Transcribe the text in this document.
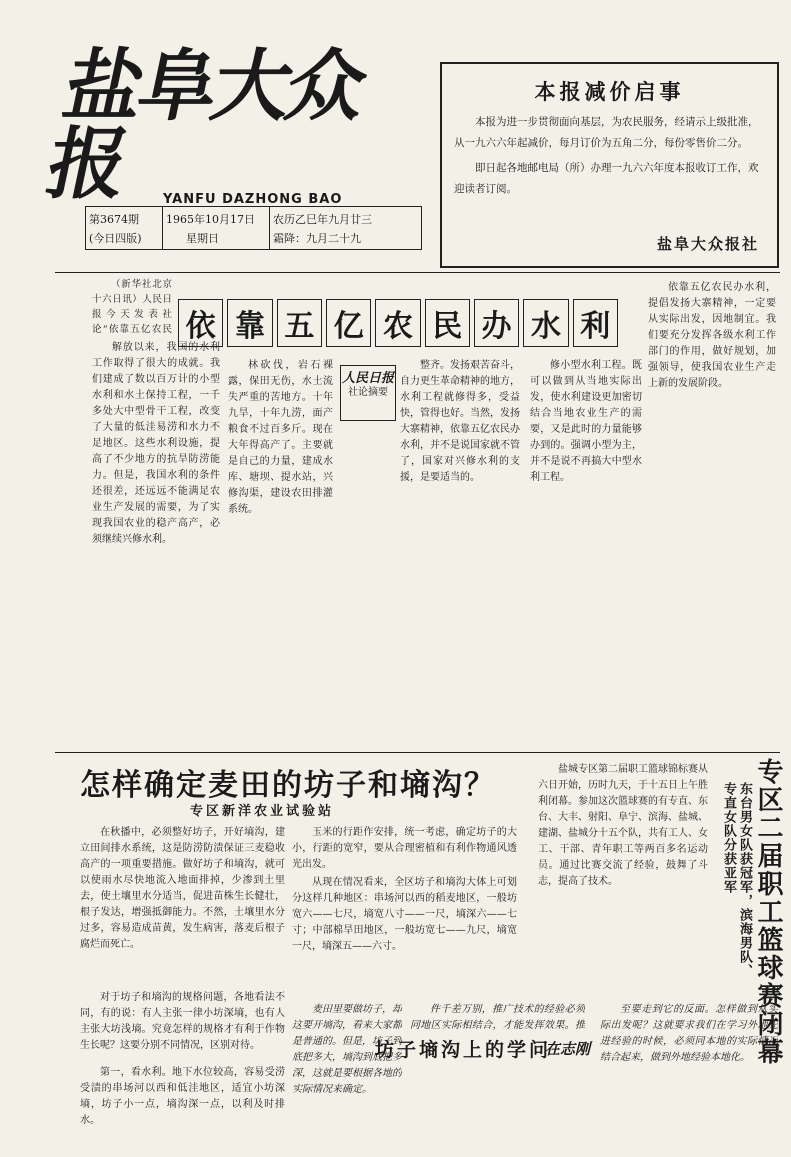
盐阜大众报	YANFU DAZHONG BAO
第3674期
(今日四版)
1965年10月17日
星期日
农历乙巳年九月廿三
霜降：九月二十九
本报减价启事

本报为进一步贯彻面向基层，为农民服务，经请示上级批准，从一九六六年起减价，每月订价为五角二分，每份零售价二分。

即日起各地邮电局（所）办理一九六六年度本报收订工作，欢迎读者订阅。

盐阜大众报社

（新华社北京十六日讯）人民日报今天发表社论“依靠五亿农民 依 靠 五 亿 农 民 办 水 利

解放以来，我国的水利工作取得了很大的成就。我们建成了数以百万计的小型水利和水土保持工程，一千多处大中型骨干工程，改变了大量的低洼易涝和水力不足地区。这些水利设施，提高了不少地方的抗旱防涝能力。但是，我国水利的条件还很差，还远远不能满足农业生产发展的需要，为了实现我国农业的稳产高产，必须继续兴修水利。

林砍伐，岩石裸露，保田无伤，水土流失严重的苦地方。十年九旱，十年九涝，面产粮食不过百多斤。现在大年得高产了。主要就是自己的力量，建成水库、塘坝、提水站，兴修沟渠，建设农田排灌系统。

人民日报
社论摘要

整齐。发扬艰苦奋斗，自力更生革命精神的地方，水利工程就修得多，受益快，管得也好。当然，发扬大寨精神，依靠五亿农民办水利，并不是说国家就不管了，国家对兴修水利的支援，是要适当的。

修小型水利工程。既可以做到从当地实际出发，使水利建设更加密切结合当地农业生产的需要，又是此时的力量能够办到的。强调小型为主，并不是说不再搞大中型水利工程。

依靠五亿农民办水利，提倡发扬大寨精神，一定要从实际出发，因地制宜。我们要充分发挥各级水利工作部门的作用，做好规划，加强领导，使我国农业生产走上新的发展阶段。

怎样确定麦田的坊子和墒沟？
专区新洋农业试验站

在秋播中，必须整好坊子，开好墒沟，建立田间排水系统，这是防涝防渍保证三麦稳收高产的一项重要措施。做好坊子和墒沟，就可以使雨水尽快地流入地面排掉，少渗到土里去，使土壤里水分适当，促进苗株生长健壮，根子发达，增强抵御能力。不然，土壤里水分过多，容易造成苗黄，发生病害，落麦后根子腐烂而死亡。

对于坊子和墒沟的规格问题，各地看法不同，有的说：有人主张一律小坊深墒，也有人主张大坊浅墒。究竟怎样的规格才有利于作物生长呢？这要分别不同情况，区别对待。

第一，看水利。地下水位较高，容易受涝受渍的串场河以西和低洼地区，适宜小坊深墒，坊子小一点，墒沟深一点，以利及时排水。

玉米的行距作安排，统一考虑，确定坊子的大小，行距的宽窄，要从合理密植和有利作物通风透光出发。

从现在情况看来，全区坊子和墒沟大体上可划分这样几种地区：串场河以西的稻麦地区，一般坊宽六——七尺，墒宽八寸——一尺，墒深六——七寸；中部棉旱田地区，一般坊宽七——九尺，墒宽一尺，墒深五——六寸。	专区二届职工篮球赛闭幕
东台男女队获冠军，滨海男队、专直女队分获亚军

盐城专区第二届职工篮球锦标赛从六日开始，历时九天，于十五日上午胜利闭幕。参加这次篮球赛的有专直、东台、大丰、射阳、阜宁、滨海、盐城、建湖、盐城分十五个队，共有工人、女工、干部、青年职工等两百多名运动员。通过比赛交流了经验，鼓舞了斗志，提高了技术。

麦田里要做坊子，却这要开墒沟，看来大家都是普通的。但是，坊子到底把多大，墒沟到底把多深，这就是要根据各地的实际情况来确定。

坊子墒沟上的学问
在志刚

件千差万别，推广技术的经验必须同地区实际相结合，才能发挥效果。推

至要走到它的反面。怎样做到从实际出发呢？这就要求我们在学习外地先进经验的时候，必须同本地的实际情况结合起来，做到外地经验本地化。
